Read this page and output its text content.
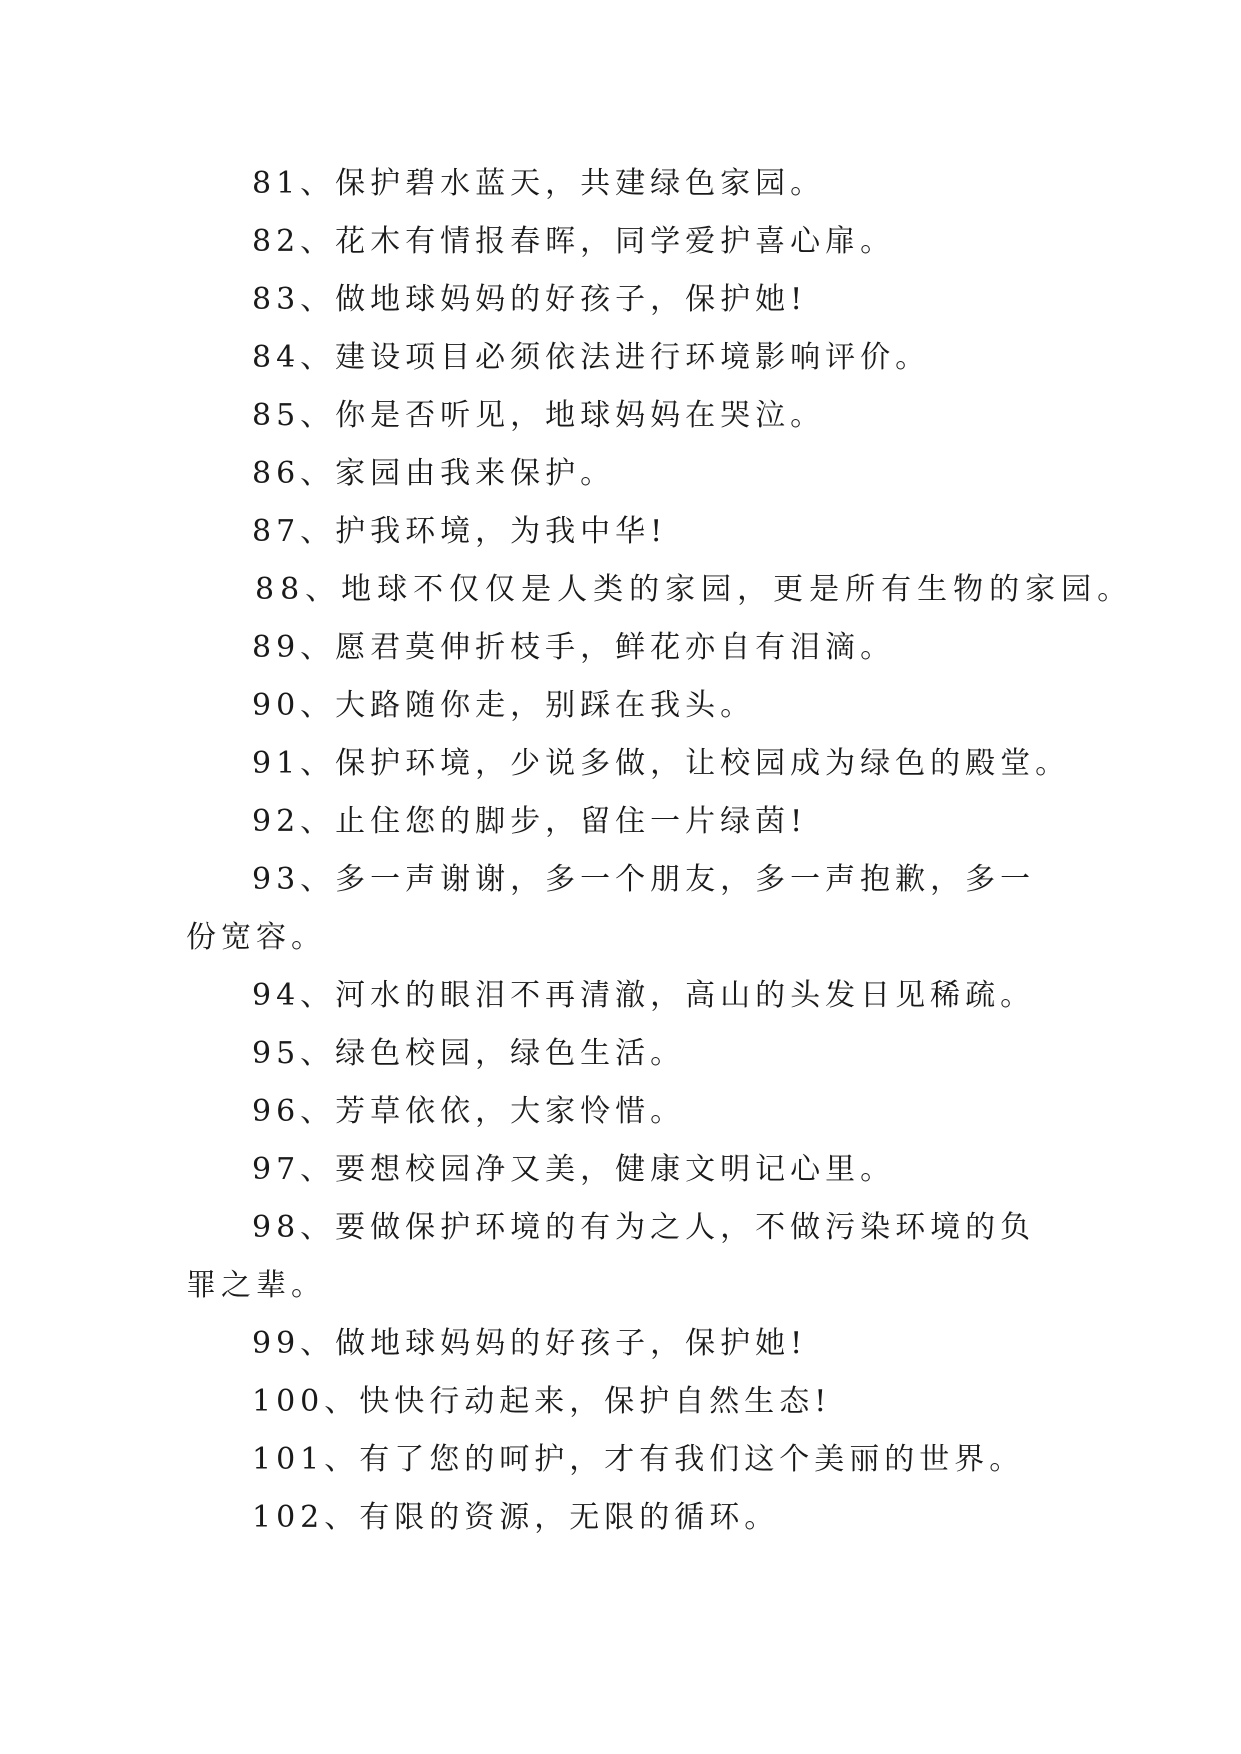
81、保护碧水蓝天，共建绿色家园。

82、花木有情报春晖，同学爱护喜心扉。

83、做地球妈妈的好孩子，保护她!

84、建设项目必须依法进行环境影响评价。

85、你是否听见，地球妈妈在哭泣。

86、家园由我来保护。

87、护我环境，为我中华!

88、地球不仅仅是人类的家园，更是所有生物的家园。

89、愿君莫伸折枝手，鲜花亦自有泪滴。

90、大路随你走，别踩在我头。

91、保护环境，少说多做，让校园成为绿色的殿堂。

92、止住您的脚步，留住一片绿茵!

93、多一声谢谢，多一个朋友，多一声抱歉，多一份宽容。

94、河水的眼泪不再清澈，高山的头发日见稀疏。

95、绿色校园，绿色生活。

96、芳草依依，大家怜惜。

97、要想校园净又美，健康文明记心里。

98、要做保护环境的有为之人，不做污染环境的负罪之辈。

99、做地球妈妈的好孩子，保护她!

100、快快行动起来，保护自然生态!

101、有了您的呵护，才有我们这个美丽的世界。

102、有限的资源，无限的循环。
